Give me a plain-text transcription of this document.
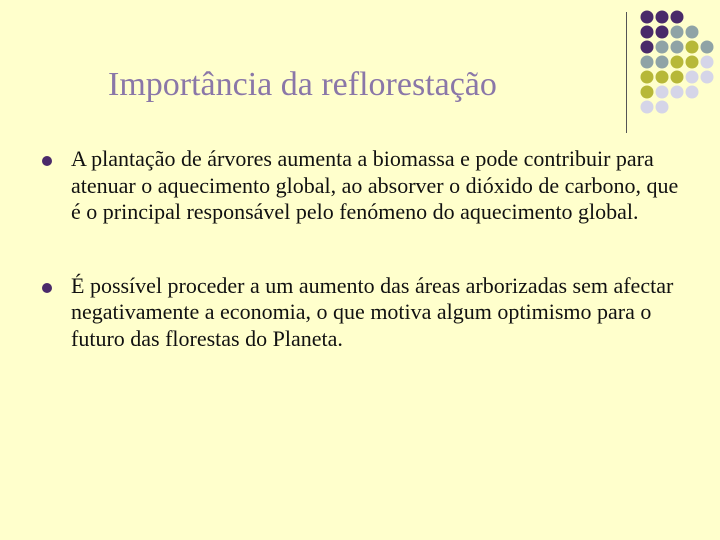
Importância da reflorestação
A plantação de árvores aumenta a biomassa e pode contribuir para atenuar o aquecimento global, ao absorver o dióxido de carbono, que é o principal responsável pelo fenómeno do aquecimento global.
É possível proceder a um aumento das áreas arborizadas sem afectar negativamente a economia, o que motiva algum optimismo para o futuro das florestas do Planeta.
